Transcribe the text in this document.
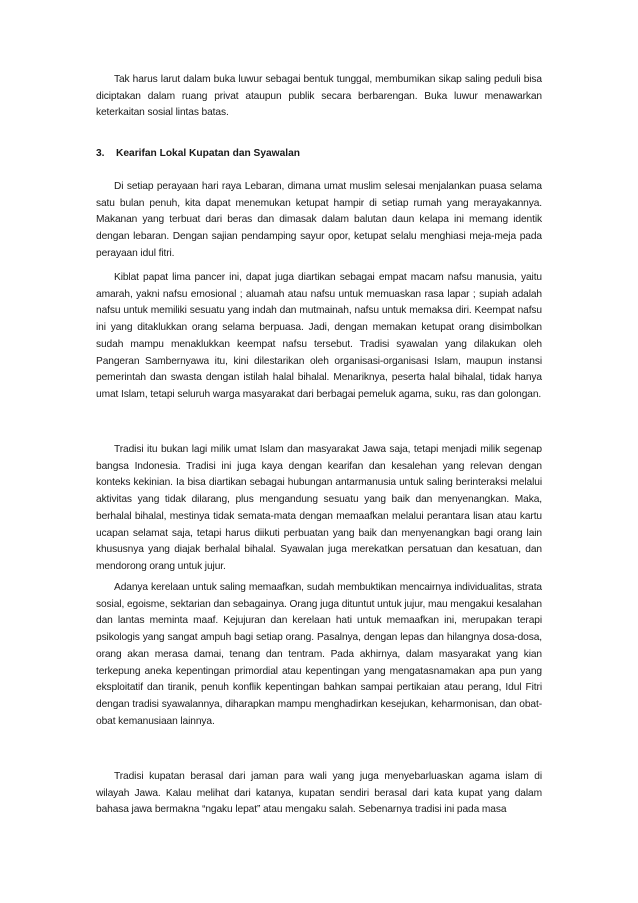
Tak harus larut dalam buka luwur sebagai bentuk tunggal, membumikan sikap saling peduli bisa diciptakan dalam ruang privat ataupun publik secara berbarengan. Buka luwur menawarkan keterkaitan sosial lintas batas.

3. Kearifan Lokal Kupatan dan Syawalan

Di setiap perayaan hari raya Lebaran, dimana umat muslim selesai menjalankan puasa selama satu bulan penuh, kita dapat menemukan ketupat hampir di setiap rumah yang merayakannya. Makanan yang terbuat dari beras dan dimasak dalam balutan daun kelapa ini memang identik dengan lebaran. Dengan sajian pendamping sayur opor, ketupat selalu menghiasi meja-meja pada perayaan idul fitri.

Kiblat papat lima pancer ini, dapat juga diartikan sebagai empat macam nafsu manusia, yaitu amarah, yakni nafsu emosional ; aluamah atau nafsu untuk memuaskan rasa lapar ; supiah adalah nafsu untuk memiliki sesuatu yang indah dan mutmainah, nafsu untuk memaksa diri. Keempat nafsu ini yang ditaklukkan orang selama berpuasa. Jadi, dengan memakan ketupat orang disimbolkan sudah mampu menaklukkan keempat nafsu tersebut. Tradisi syawalan yang dilakukan oleh Pangeran Sambernyawa itu, kini dilestarikan oleh organisasi-organisasi Islam, maupun instansi pemerintah dan swasta dengan istilah halal bihalal. Menariknya, peserta halal bihalal, tidak hanya umat Islam, tetapi seluruh warga masyarakat dari berbagai pemeluk agama, suku, ras dan golongan.

Tradisi itu bukan lagi milik umat Islam dan masyarakat Jawa saja, tetapi menjadi milik segenap bangsa Indonesia. Tradisi ini juga kaya dengan kearifan dan kesalehan yang relevan dengan konteks kekinian. Ia bisa diartikan sebagai hubungan antarmanusia untuk saling berinteraksi melalui aktivitas yang tidak dilarang, plus mengandung sesuatu yang baik dan menyenangkan. Maka, berhalal bihalal, mestinya tidak semata-mata dengan memaafkan melalui perantara lisan atau kartu ucapan selamat saja, tetapi harus diikuti perbuatan yang baik dan menyenangkan bagi orang lain khususnya yang diajak berhalal bihalal. Syawalan juga merekatkan persatuan dan kesatuan, dan mendorong orang untuk jujur.

Adanya kerelaan untuk saling memaafkan, sudah membuktikan mencairnya individualitas, strata sosial, egoisme, sektarian dan sebagainya. Orang juga dituntut untuk jujur, mau mengakui kesalahan dan lantas meminta maaf. Kejujuran dan kerelaan hati untuk memaafkan ini, merupakan terapi psikologis yang sangat ampuh bagi setiap orang. Pasalnya, dengan lepas dan hilangnya dosa-dosa, orang akan merasa damai, tenang dan tentram. Pada akhirnya, dalam masyarakat yang kian terkepung aneka kepentingan primordial atau kepentingan yang mengatasnamakan apa pun yang eksploitatif dan tiranik, penuh konflik kepentingan bahkan sampai pertikaian atau perang, Idul Fitri dengan tradisi syawalannya, diharapkan mampu menghadirkan kesejukan, keharmonisan, dan obat-obat kemanusiaan lainnya.

Tradisi kupatan berasal dari jaman para wali yang juga menyebarluaskan agama islam di wilayah Jawa. Kalau melihat dari katanya, kupatan sendiri berasal dari kata kupat yang dalam bahasa jawa bermakna “ngaku lepat” atau mengaku salah. Sebenarnya tradisi ini pada masa
